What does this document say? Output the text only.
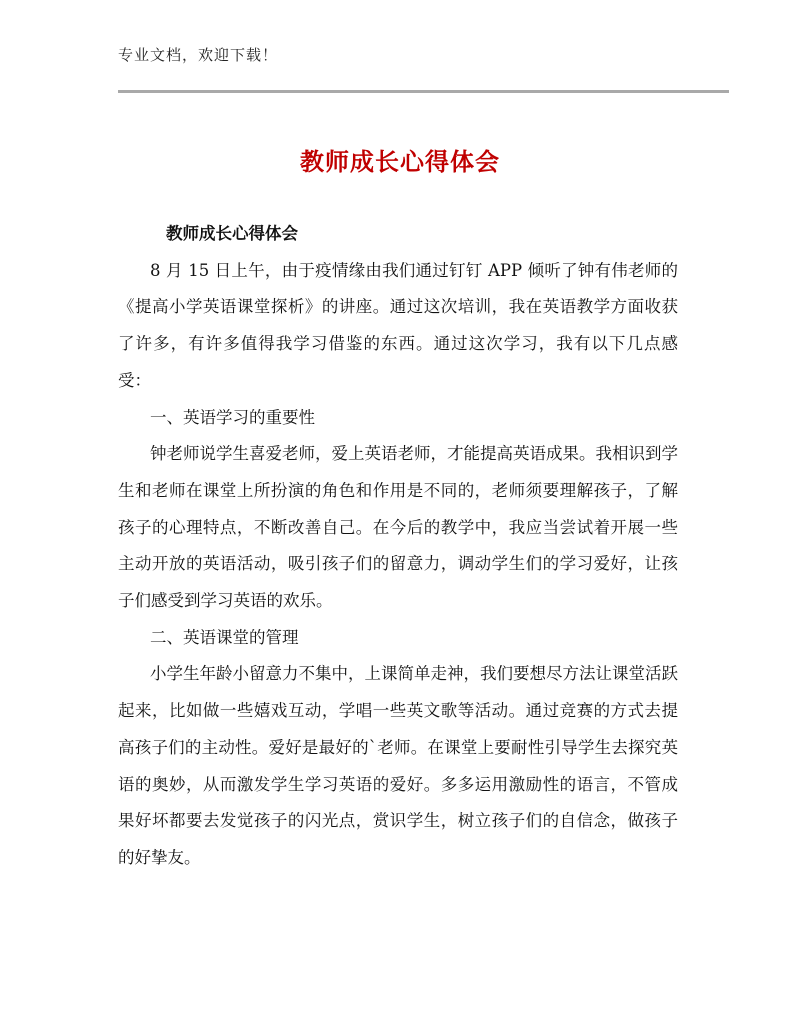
专业文档，欢迎下载！
教师成长心得体会

教师成长心得体会

8 月 15 日上午，由于疫情缘由我们通过钉钉 APP 倾听了钟有伟老师的《提高小学英语课堂探析》的讲座。通过这次培训，我在英语教学方面收获了许多，有许多值得我学习借鉴的东西。通过这次学习，我有以下几点感受：

一、英语学习的重要性

钟老师说学生喜爱老师，爱上英语老师，才能提高英语成果。我相识到学生和老师在课堂上所扮演的角色和作用是不同的，老师须要理解孩子，了解孩子的心理特点，不断改善自己。在今后的教学中，我应当尝试着开展一些主动开放的英语活动，吸引孩子们的留意力，调动学生们的学习爱好，让孩子们感受到学习英语的欢乐。

二、英语课堂的管理

小学生年龄小留意力不集中，上课简单走神，我们要想尽方法让课堂活跃起来，比如做一些嬉戏互动，学唱一些英文歌等活动。通过竞赛的方式去提高孩子们的主动性。爱好是最好的`老师。在课堂上要耐性引导学生去探究英语的奥妙，从而激发学生学习英语的爱好。多多运用激励性的语言，不管成果好坏都要去发觉孩子的闪光点，赏识学生，树立孩子们的自信念，做孩子的好挚友。
